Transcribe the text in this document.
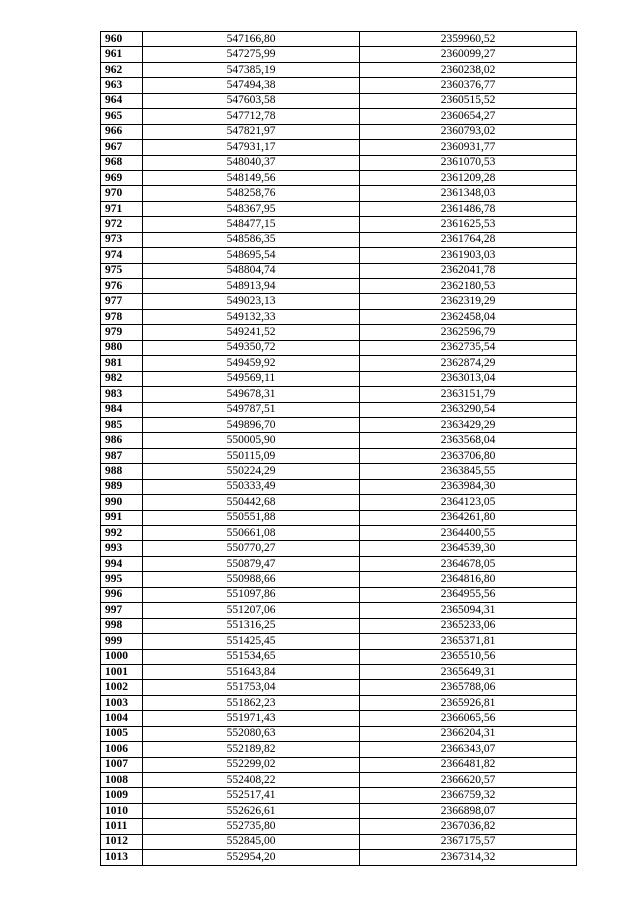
960	547166,80	2359960,52
961	547275,99	2360099,27
962	547385,19	2360238,02
963	547494,38	2360376,77
964	547603,58	2360515,52
965	547712,78	2360654,27
966	547821,97	2360793,02
967	547931,17	2360931,77
968	548040,37	2361070,53
969	548149,56	2361209,28
970	548258,76	2361348,03
971	548367,95	2361486,78
972	548477,15	2361625,53
973	548586,35	2361764,28
974	548695,54	2361903,03
975	548804,74	2362041,78
976	548913,94	2362180,53
977	549023,13	2362319,29
978	549132,33	2362458,04
979	549241,52	2362596,79
980	549350,72	2362735,54
981	549459,92	2362874,29
982	549569,11	2363013,04
983	549678,31	2363151,79
984	549787,51	2363290,54
985	549896,70	2363429,29
986	550005,90	2363568,04
987	550115,09	2363706,80
988	550224,29	2363845,55
989	550333,49	2363984,30
990	550442,68	2364123,05
991	550551,88	2364261,80
992	550661,08	2364400,55
993	550770,27	2364539,30
994	550879,47	2364678,05
995	550988,66	2364816,80
996	551097,86	2364955,56
997	551207,06	2365094,31
998	551316,25	2365233,06
999	551425,45	2365371,81
1000	551534,65	2365510,56
1001	551643,84	2365649,31
1002	551753,04	2365788,06
1003	551862,23	2365926,81
1004	551971,43	2366065,56
1005	552080,63	2366204,31
1006	552189,82	2366343,07
1007	552299,02	2366481,82
1008	552408,22	2366620,57
1009	552517,41	2366759,32
1010	552626,61	2366898,07
1011	552735,80	2367036,82
1012	552845,00	2367175,57
1013	552954,20	2367314,32
